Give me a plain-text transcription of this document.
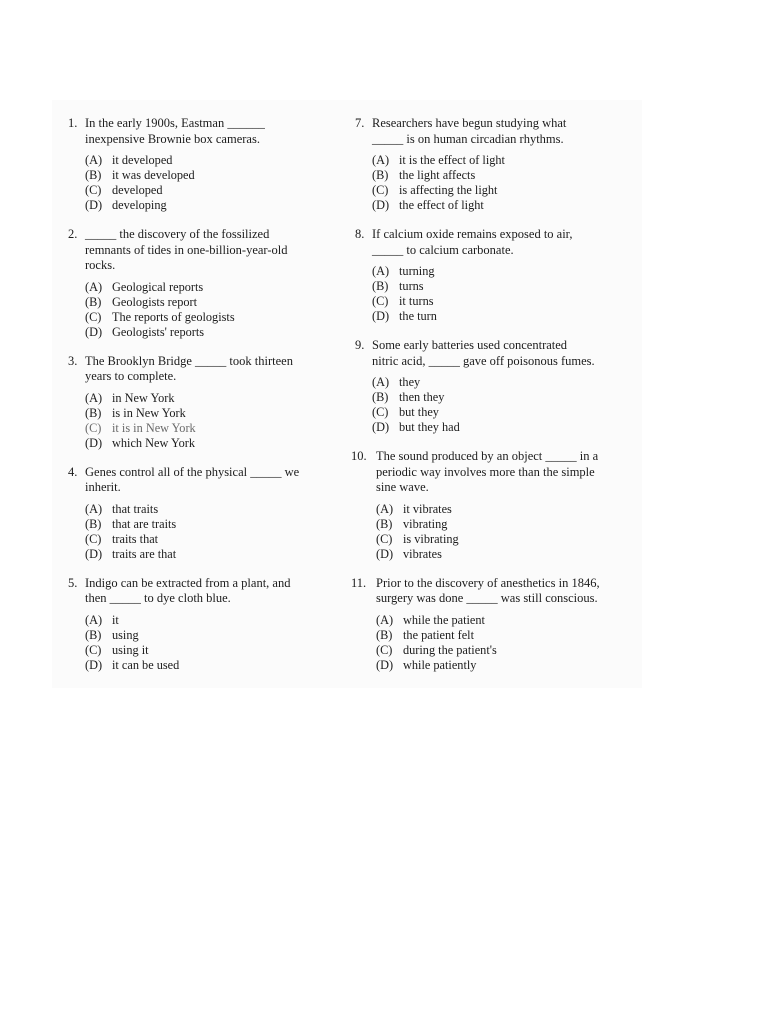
1. In the early 1900s, Eastman ______
inexpensive Brownie box cameras.

(A) it developed
(B) it was developed
(C) developed
(D) developing
2. _____ the discovery of the fossilized
remnants of tides in one-billion-year-old
rocks.

(A) Geological reports
(B) Geologists report
(C) The reports of geologists
(D) Geologists' reports
3. The Brooklyn Bridge _____ took thirteen
years to complete.

(A) in New York
(B) is in New York
(C) it is in New York
(D) which New York
4. Genes control all of the physical _____ we
inherit.

(A) that traits
(B) that are traits
(C) traits that
(D) traits are that
5. Indigo can be extracted from a plant, and
then _____ to dye cloth blue.

(A) it
(B) using
(C) using it
(D) it can be used
7. Researchers have begun studying what
_____ is on human circadian rhythms.

(A) it is the effect of light
(B) the light affects
(C) is affecting the light
(D) the effect of light
8. If calcium oxide remains exposed to air,
_____ to calcium carbonate.

(A) turning
(B) turns
(C) it turns
(D) the turn
9. Some early batteries used concentrated
nitric acid, _____ gave off poisonous fumes.

(A) they
(B) then they
(C) but they
(D) but they had
10. The sound produced by an object _____ in a
periodic way involves more than the simple
sine wave.

(A) it vibrates
(B) vibrating
(C) is vibrating
(D) vibrates
11. Prior to the discovery of anesthetics in 1846,
surgery was done _____ was still conscious.

(A) while the patient
(B) the patient felt
(C) during the patient's
(D) while patiently
